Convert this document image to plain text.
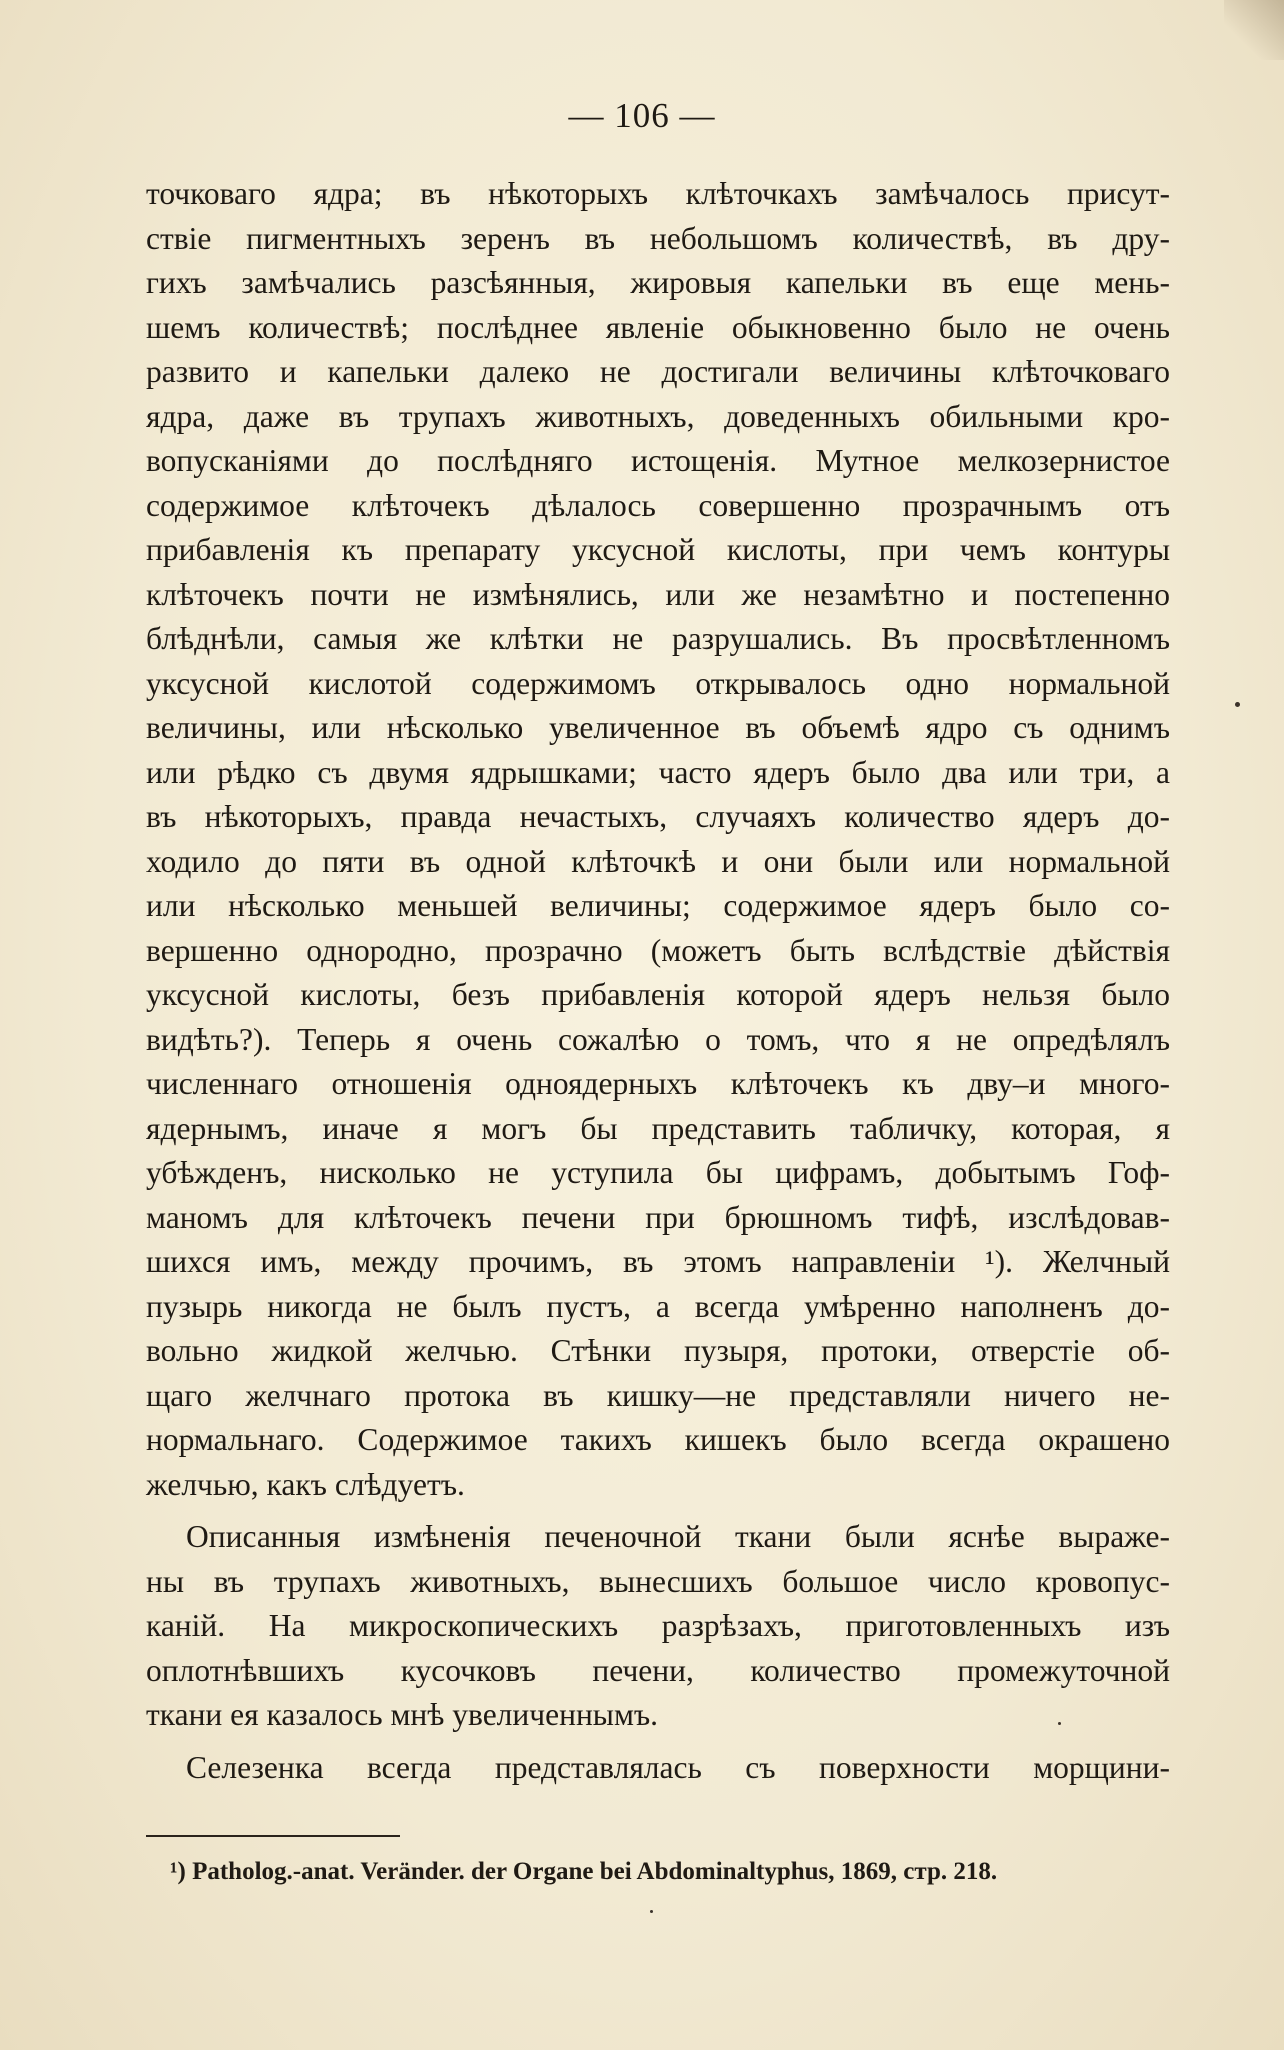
— 106 —
точковаго ядра; въ нѣкоторыхъ клѣточкахъ замѣчалось присут-
ствіе пигментныхъ зеренъ въ небольшомъ количествѣ, въ дру-
гихъ замѣчались разсѣянныя, жировыя капельки въ еще мень-
шемъ количествѣ; послѣднее явленіе обыкновенно было не очень
развито и капельки далеко не достигали величины клѣточковаго
ядра, даже въ трупахъ животныхъ, доведенныхъ обильными кро-
вопусканіями до послѣдняго истощенія. Мутное мелкозернистое
содержимое клѣточекъ дѣлалось совершенно прозрачнымъ отъ
прибавленія къ препарату уксусной кислоты, при чемъ контуры
клѣточекъ почти не измѣнялись, или же незамѣтно и постепенно
блѣднѣли, самыя же клѣтки не разрушались. Въ просвѣтленномъ
уксусной кислотой содержимомъ открывалось одно нормальной
величины, или нѣсколько увеличенное въ объемѣ ядро съ однимъ
или рѣдко съ двумя ядрышками; часто ядеръ было два или три, а
въ нѣкоторыхъ, правда нечастыхъ, случаяхъ количество ядеръ до-
ходило до пяти въ одной клѣточкѣ и они были или нормальной
или нѣсколько меньшей величины; содержимое ядеръ было со-
вершенно однородно, прозрачно (можетъ быть вслѣдствіе дѣйствія
уксусной кислоты, безъ прибавленія которой ядеръ нельзя было
видѣть?). Теперь я очень сожалѣю о томъ, что я не опредѣлялъ
численнаго отношенія одноядерныхъ клѣточекъ къ дву–и много-
ядернымъ, иначе я могъ бы представить табличку, которая, я
убѣжденъ, нисколько не уступила бы цифрамъ, добытымъ Гоф-
маномъ для клѣточекъ печени при брюшномъ тифѣ, изслѣдовав-
шихся имъ, между прочимъ, въ этомъ направленіи ¹). Желчный
пузырь никогда не былъ пустъ, а всегда умѣренно наполненъ до-
вольно жидкой желчью. Стѣнки пузыря, протоки, отверстіе об-
щаго желчнаго протока въ кишку—не представляли ничего не-
нормальнаго. Содержимое такихъ кишекъ было всегда окрашено
желчью, какъ слѣдуетъ.
Описанныя измѣненія печеночной ткани были яснѣе выраже-
ны въ трупахъ животныхъ, вынесшихъ большое число кровопус-
каній. На микроскопическихъ разрѣзахъ, приготовленныхъ изъ
оплотнѣвшихъ кусочковъ печени, количество промежуточной
ткани ея казалось мнѣ увеличеннымъ.
Селезенка всегда представлялась съ поверхности морщини-
¹) Patholog.-anat. Veränder. der Organe bei Abdominaltyphus, 1869, стр. 218.
